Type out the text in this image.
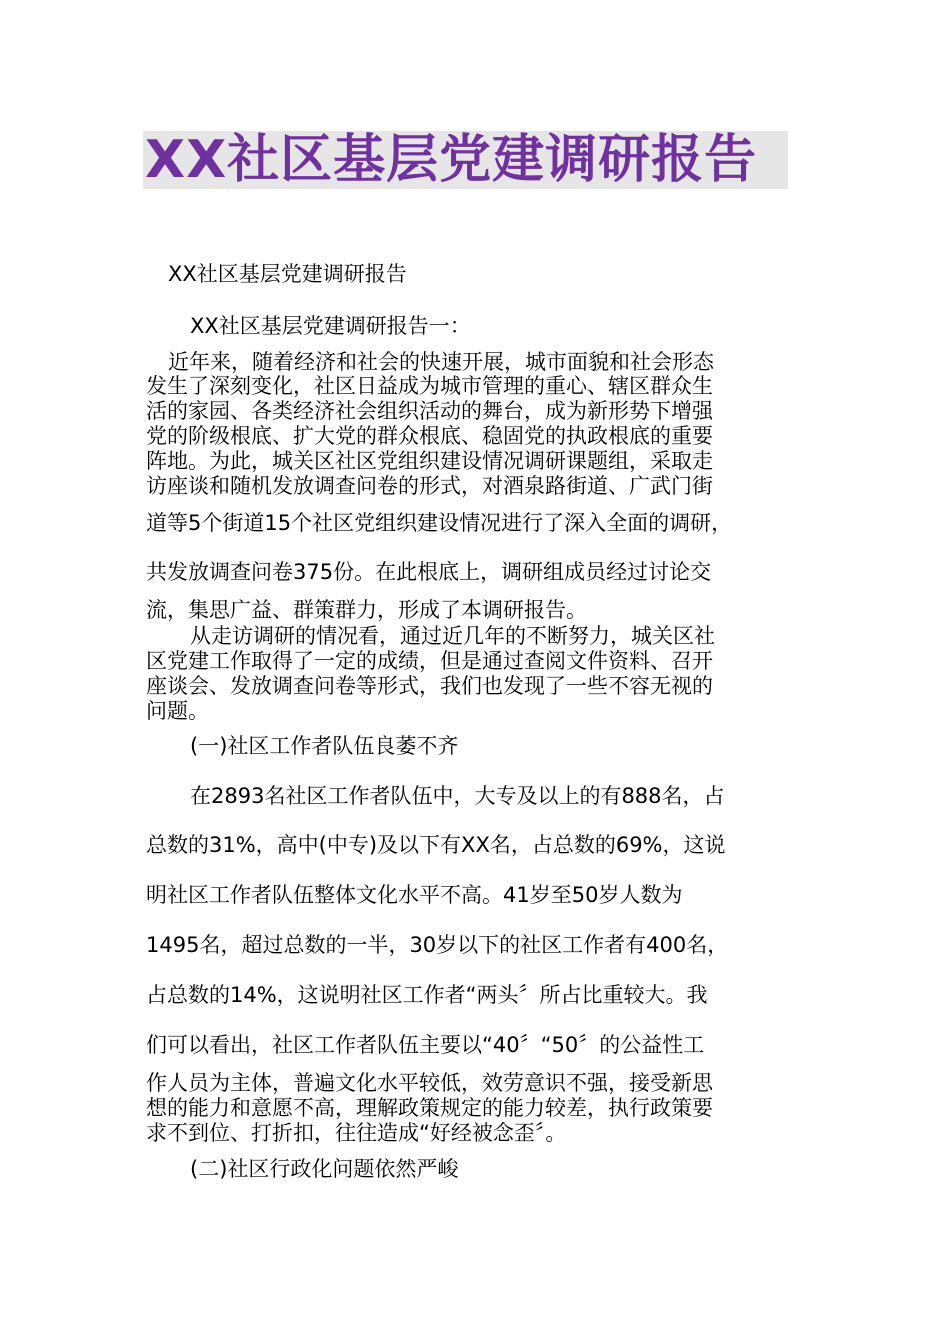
XX社区基层党建调研报告
XX社区基层党建调研报告
XX社区基层党建调研报告一：
近年来，随着经济和社会的快速开展，城市面貌和社会形态
发生了深刻变化，社区日益成为城市管理的重心、辖区群众生
活的家园、各类经济社会组织活动的舞台，成为新形势下增强
党的阶级根底、扩大党的群众根底、稳固党的执政根底的重要
阵地。为此，城关区社区党组织建设情况调研课题组，采取走
访座谈和随机发放调查问卷的形式，对酒泉路街道、广武门街
道等5个街道15个社区党组织建设情况进行了深入全面的调研，
共发放调查问卷375份。在此根底上，调研组成员经过讨论交
流，集思广益、群策群力，形成了本调研报告。
从走访调研的情况看，通过近几年的不断努力，城关区社
区党建工作取得了一定的成绩，但是通过查阅文件资料、召开
座谈会、发放调查问卷等形式，我们也发现了一些不容无视的
问题。
(一)社区工作者队伍良萎不齐
在2893名社区工作者队伍中，大专及以上的有888名，占
总数的31%，高中(中专)及以下有XX名，占总数的69%，这说
明社区工作者队伍整体文化水平不高。41岁至50岁人数为
1495名，超过总数的一半，30岁以下的社区工作者有400名，
占总数的14%，这说明社区工作者“两头〞所占比重较大。我
们可以看出，社区工作者队伍主要以“40〞“50〞的公益性工
作人员为主体，普遍文化水平较低，效劳意识不强，接受新思
想的能力和意愿不高，理解政策规定的能力较差，执行政策要
求不到位、打折扣，往往造成“好经被念歪〞。
(二)社区行政化问题依然严峻
